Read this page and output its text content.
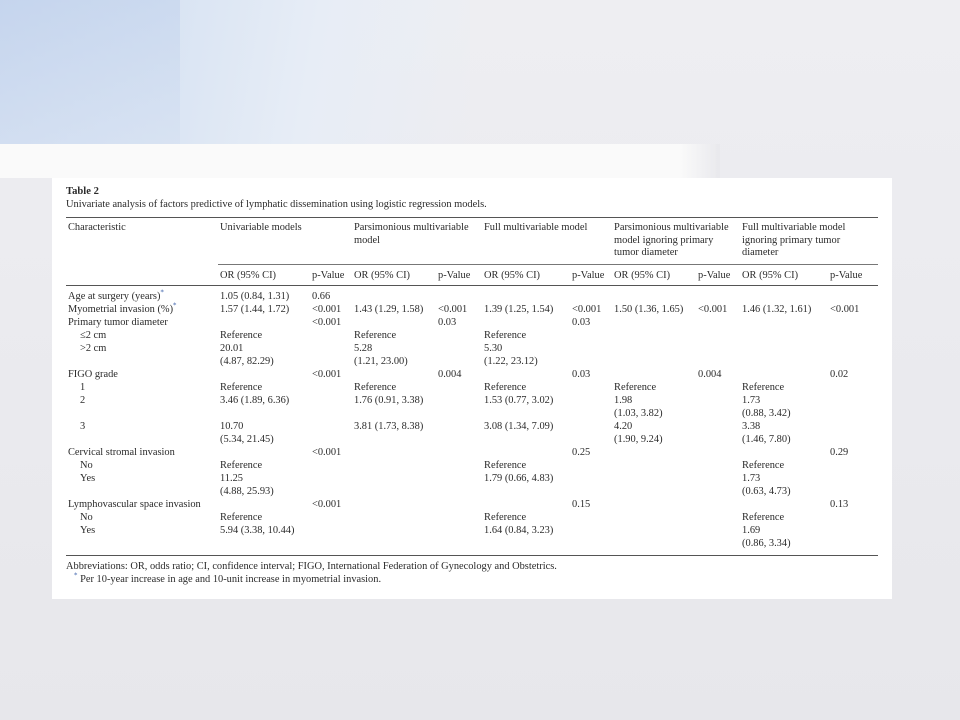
Table 2
Univariate analysis of factors predictive of lymphatic dissemination using logistic regression models.
Characteristic	Univariable models		Parsimonious multivariable model		Full multivariable model		Parsimonious multivariable model ignoring primary tumor diameter		Full multivariable model ignoring primary tumor diameter	
	OR (95% CI)	p-Value	OR (95% CI)	p-Value	OR (95% CI)	p-Value	OR (95% CI)	p-Value	OR (95% CI)	p-Value
Age at surgery (years)*	1.05 (0.84, 1.31)	0.66								
Myometrial invasion (%)*	1.57 (1.44, 1.72)	<0.001	1.43 (1.29, 1.58)	<0.001	1.39 (1.25, 1.54)	<0.001	1.50 (1.36, 1.65)	<0.001	1.46 (1.32, 1.61)	<0.001
Primary tumor diameter		<0.001		0.03		0.03				
≤2 cm	Reference		Reference		Reference					
>2 cm	20.01		5.28		5.30					
	(4.87, 82.29)		(1.21, 23.00)		(1.22, 23.12)					
FIGO grade		<0.001		0.004		0.03		0.004		0.02
1	Reference		Reference		Reference		Reference		Reference	
2	3.46 (1.89, 6.36)		1.76 (0.91, 3.38)		1.53 (0.77, 3.02)		1.98		1.73	
							(1.03, 3.82)		(0.88, 3.42)	
3	10.70		3.81 (1.73, 8.38)		3.08 (1.34, 7.09)		4.20		3.38	
	(5.34, 21.45)						(1.90, 9.24)		(1.46, 7.80)	
Cervical stromal invasion		<0.001				0.25				0.29
No	Reference				Reference				Reference	
Yes	11.25				1.79 (0.66, 4.83)				1.73	
	(4.88, 25.93)								(0.63, 4.73)	
Lymphovascular space invasion		<0.001				0.15				0.13
No	Reference				Reference				Reference	
Yes	5.94 (3.38, 10.44)				1.64 (0.84, 3.23)				1.69	
									(0.86, 3.34)	
Abbreviations: OR, odds ratio; CI, confidence interval; FIGO, International Federation of Gynecology and Obstetrics.
* Per 10-year increase in age and 10-unit increase in myometrial invasion.
